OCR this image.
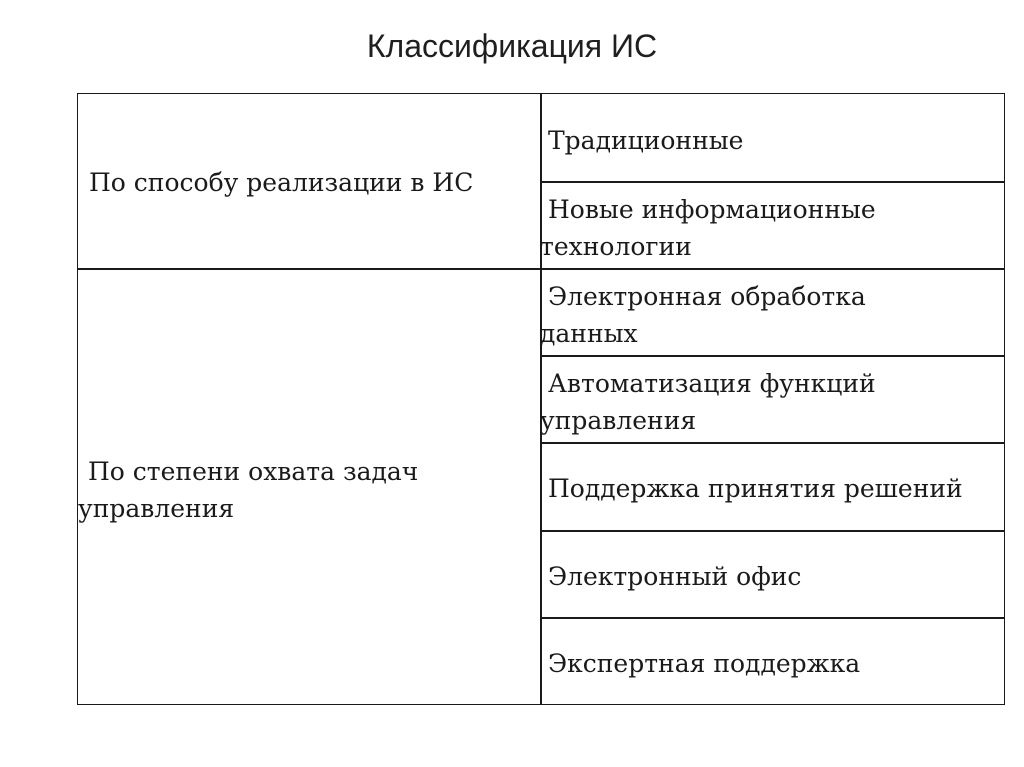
Классификация ИС
По способу реализации в ИС
Традиционные
Новые информационные
технологии
По степени охвата задач
управления
Электронная обработка
данных
Автоматизация функций
управления
Поддержка принятия решений
Электронный офис
Экспертная поддержка
